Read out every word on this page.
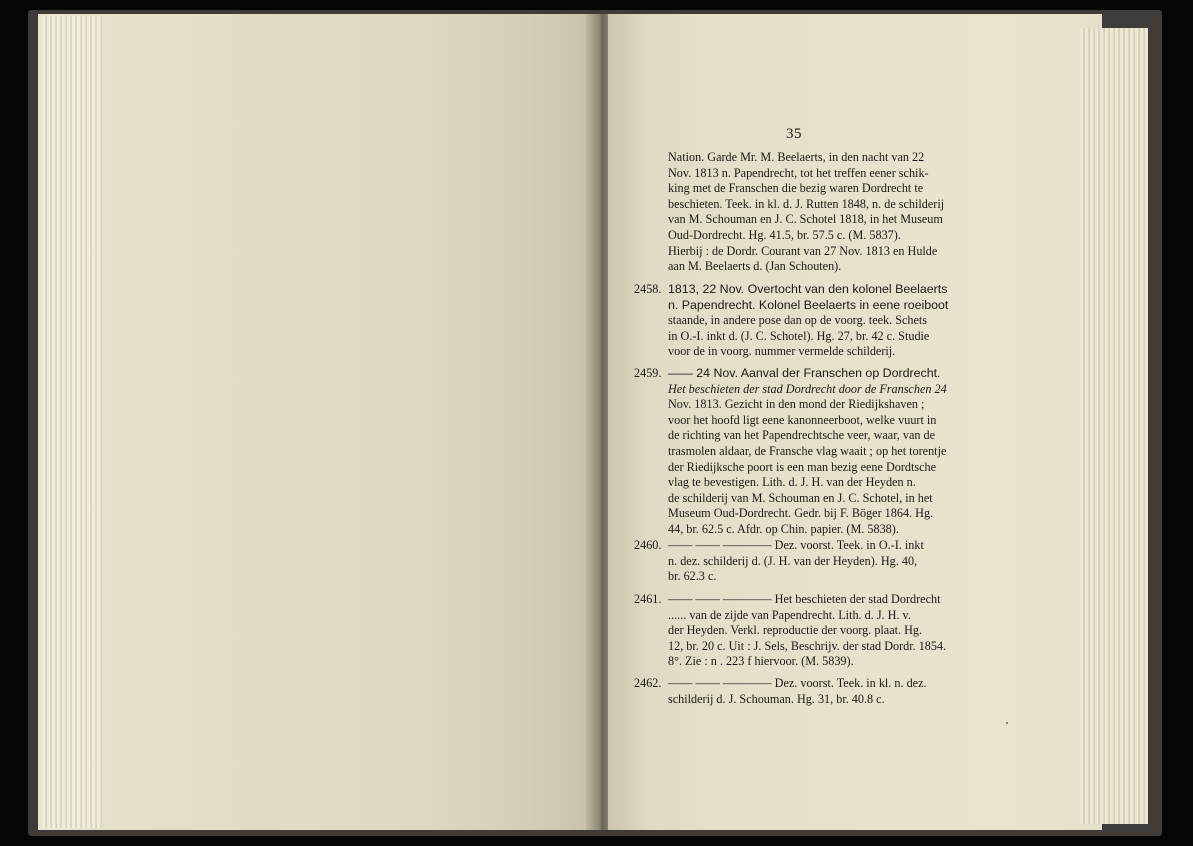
35
Nation. Garde Mr. M. Beelaerts, in den nacht van 22
Nov. 1813 n. Papendrecht, tot het treffen eener schik-
king met de Franschen die bezig waren Dordrecht te
beschieten. Teek. in kl. d. J. Rutten 1848, n. de schilderij
van M. Schouman en J. C. Schotel 1818, in het Museum
Oud-Dordrecht. Hg. 41.5, br. 57.5 c. (M. 5837).
Hierbij : de Dordr. Courant van 27 Nov. 1813 en Hulde
aan M. Beelaerts d. (Jan Schouten).
2458. 1813, 22 Nov. Overtocht van den kolonel Beelaerts
n. Papendrecht. Kolonel Beelaerts in eene roeiboot
staande, in andere pose dan op de voorg. teek. Schets
in O.-I. inkt d. (J. C. Schotel). Hg. 27, br. 42 c. Studie
voor de in voorg. nummer vermelde schilderij.
2459. —— 24 Nov. Aanval der Franschen op Dordrecht.
Het beschieten der stad Dordrecht door de Franschen 24
Nov. 1813. Gezicht in den mond der Riedijkshaven ;
voor het hoofd ligt eene kanonneerboot, welke vuurt in
de richting van het Papendrechtsche veer, waar, van de
trasmolen aldaar, de Fransche vlag waait ; op het torentje
der Riedijksche poort is een man bezig eene Dordtsche
vlag te bevestigen. Lith. d. J. H. van der Heyden n.
de schilderij van M. Schouman en J. C. Schotel, in het
Museum Oud-Dordrecht. Gedr. bij F. Böger 1864. Hg.
44, br. 62.5 c. Afdr. op Chin. papier. (M. 5838).
2460. —— —— ———— Dez. voorst. Teek. in O.-I. inkt
n. dez. schilderij d. (J. H. van der Heyden). Hg. 40,
br. 62.3 c.
2461. —— —— ———— Het beschieten der stad Dordrecht
...... van de zijde van Papendrecht. Lith. d. J. H. v.
der Heyden. Verkl. reproductie der voorg. plaat. Hg.
12, br. 20 c. Uit : J. Sels, Beschrijv. der stad Dordr. 1854.
8°. Zie : n . 223 f hiervoor. (M. 5839).
2462. —— —— ———— Dez. voorst. Teek. in kl. n. dez.
schilderij d. J. Schouman. Hg. 31, br. 40.8 c.
